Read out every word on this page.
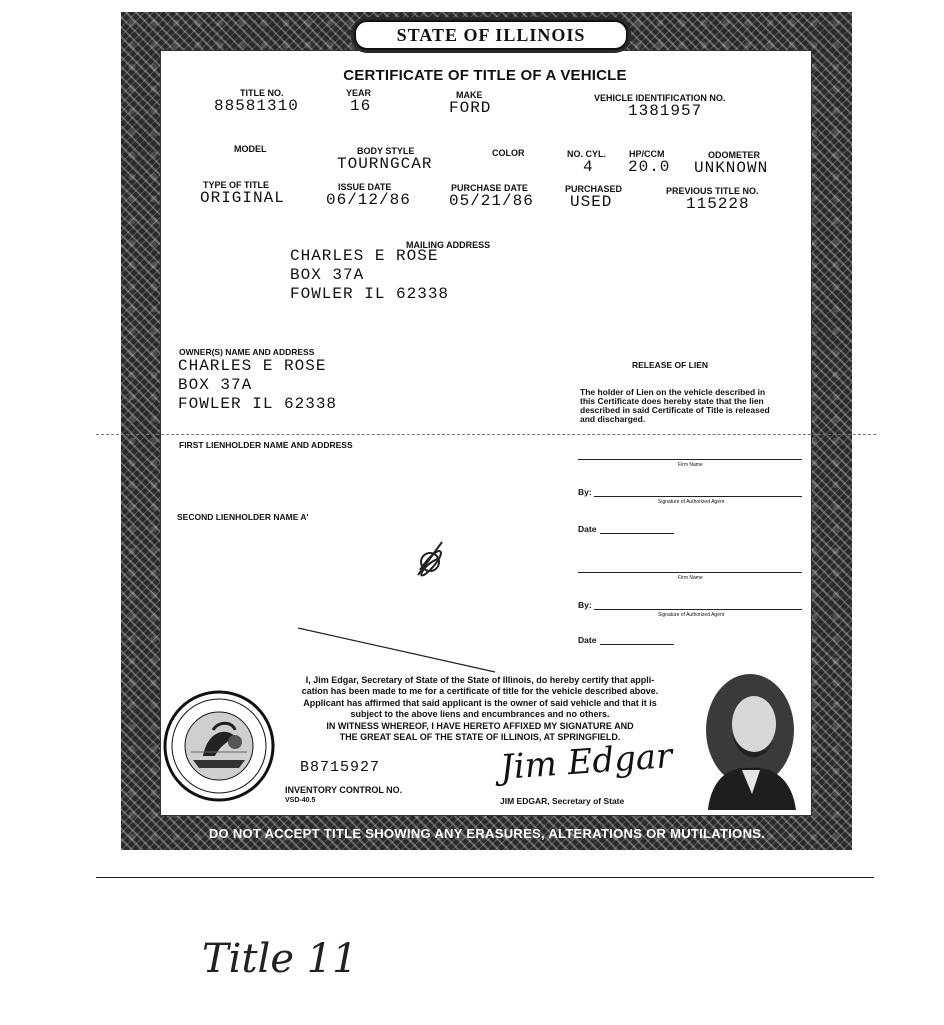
STATE OF ILLINOIS
CERTIFICATE OF TITLE OF A VEHICLE
TITLE NO.
88581310
YEAR
16
MAKE
FORD
VEHICLE IDENTIFICATION NO.
1381957
MODEL	BODY STYLE
TOURNGCAR
COLOR	NO. CYL.
4
HP/CCM
20.0
ODOMETER
UNKNOWN
TYPE OF TITLE
ORIGINAL
ISSUE DATE
06/12/86
PURCHASE DATE
05/21/86
PURCHASED
USED
PREVIOUS TITLE NO.
115228
MAILING ADDRESS
CHARLES E ROSE
BOX 37A
FOWLER IL 62338
OWNER(S) NAME AND ADDRESS
CHARLES E ROSE
BOX 37A
FOWLER IL 62338
FIRST LIENHOLDER NAME AND ADDRESS
SECOND LIENHOLDER NAME A'
RELEASE OF LIEN
The holder of Lien on the vehicle described in this Certificate does hereby state that the lien described in said Certificate of Title is released and discharged.
Firm Name
By:
Signature of Authorized Agent
Date
Firm Name
By:
Signature of Authorized Agent
Date
I, Jim Edgar, Secretary of State of the State of Illinois, do hereby certify that appli-
cation has been made to me for a certificate of title for the vehicle described above.
Applicant has affirmed that said applicant is the owner of said vehicle and that it is
subject to the above liens and encumbrances and no others.
IN WITNESS WHEREOF, I HAVE HERETO AFFIXED MY SIGNATURE AND
THE GREAT SEAL OF THE STATE OF ILLINOIS, AT SPRINGFIELD.
B8715927
INVENTORY CONTROL NO.
VSD-40.5
Jim Edgar
JIM EDGAR, Secretary of State
DO NOT ACCEPT TITLE SHOWING ANY ERASURES, ALTERATIONS OR MUTILATIONS.
Title 11
